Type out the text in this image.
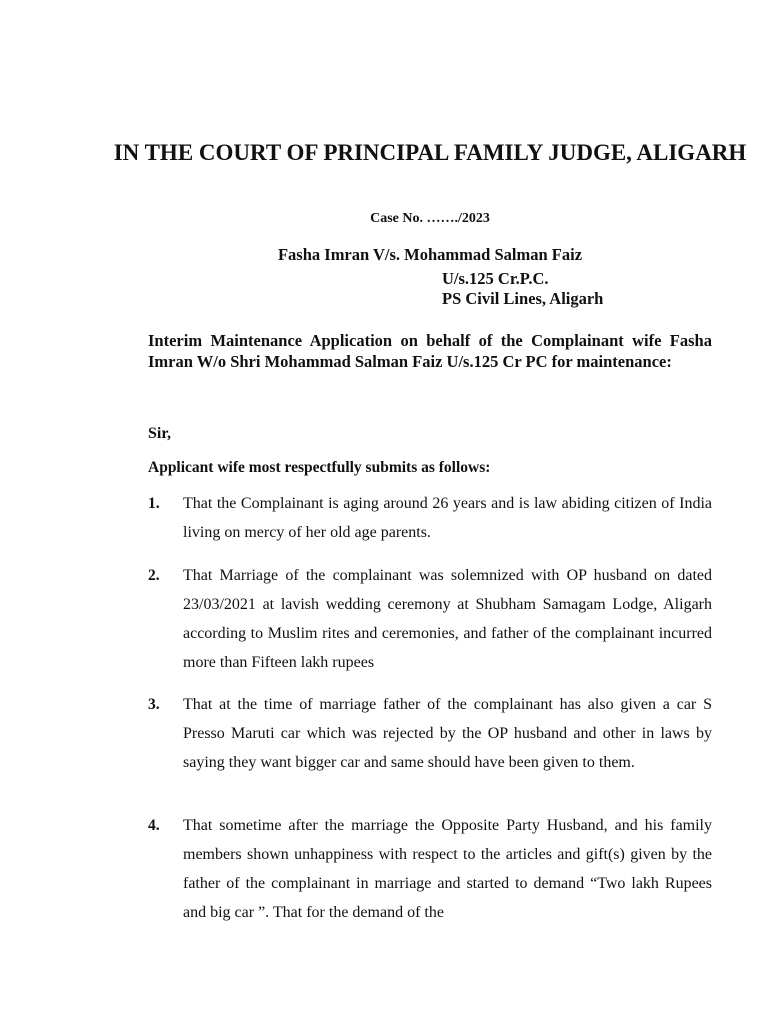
IN THE COURT OF PRINCIPAL FAMILY JUDGE, ALIGARH

Case No. ……./2023

Fasha Imran V/s. Mohammad Salman Faiz

U/s.125 Cr.P.C.

PS Civil Lines, Aligarh

Interim Maintenance Application on behalf of the Complainant wife Fasha Imran W/o Shri Mohammad Salman Faiz U/s.125 Cr PC for maintenance:

Sir,

Applicant wife most respectfully submits as follows:

1. That the Complainant is aging around 26 years and is law abiding citizen of India living on mercy of her old age parents.

2. That Marriage of the complainant was solemnized with OP husband on dated 23/03/2021 at lavish wedding ceremony at Shubham Samagam Lodge, Aligarh according to Muslim rites and ceremonies, and father of the complainant incurred more than Fifteen lakh rupees

3. That at the time of marriage father of the complainant has also given a car S Presso Maruti car which was rejected by the OP husband and other in laws by saying they want bigger car and same should have been given to them.

4. That sometime after the marriage the Opposite Party Husband, and his family members shown unhappiness with respect to the articles and gift(s) given by the father of the complainant in marriage and started to demand “Two lakh Rupees and big car ”. That for the demand of the
